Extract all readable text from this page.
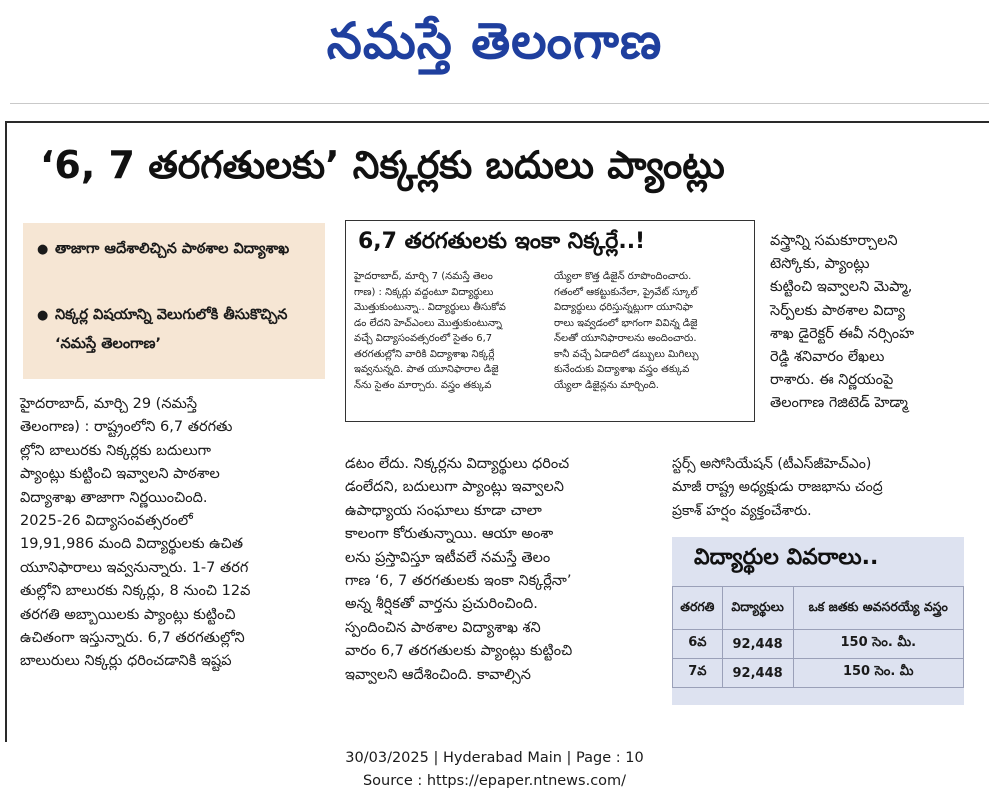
నమస్తే తెలంగాణ
‘6, 7 తరగతులకు’ నిక్కర్లకు బదులు ప్యాంట్లు
● తాజాగా ఆదేశాలిచ్చిన పాఠశాల విద్యాశాఖ
● నిక్కర్ల విషయాన్ని వెలుగులోకి తీసుకొచ్చిన ‘నమస్తే తెలంగాణ’

హైదరాబాద్, మార్చి 29 (నమస్తే

తెలంగాణ) : రాష్ట్రంలోని 6,7 తరగతు

ల్లోని బాలురకు నిక్కర్లకు బదులుగా

ప్యాంట్లు కుట్టించి ఇవ్వాలని పాఠశాల

విద్యాశాఖ తాజాగా నిర్ణయించింది.

2025-26 విద్యాసంవత్సరంలో

19,91,986 మంది విద్యార్థులకు ఉచిత

యూనిఫారాలు ఇవ్వనున్నారు. 1-7 తరగ

తుల్లోని బాలురకు నిక్కర్లు, 8 నుంచి 12వ

తరగతి అబ్బాయిలకు ప్యాంట్లు కుట్టించి

ఉచితంగా ఇస్తున్నారు. 6,7 తరగతుల్లోని

బాలురులు నిక్కర్లు ధరించడానికి ఇష్టప

6,7 తరగతులకు ఇంకా నిక్కర్లే..!
హైదరాబాద్, మార్చి 7 (నమస్తే తెలం
గాణ) : నిక్కర్లు వద్దంటూ విద్యార్థులు
మొత్తుకుంటున్నా.. విద్యార్థులు తీసుకోవ
డం లేదని హెచ్ఎంలు మొత్తుకుంటున్నా
వచ్చే విద్యాసంవత్సరంలో సైతం 6,7
తరగతుల్లోని వారికి విద్యాశాఖ నిక్కర్లే
ఇవ్వనున్నది. పాత యూనిఫారాల డిజై
న్‌ను సైతం మార్చారు. వస్త్రం తక్కువ
య్యేలా కొత్త డిజైన్ రూపొందించారు.
గతంలో ఆకట్టుకునేలా, ప్రైవేట్ స్కూల్
విద్యార్థులు ధరిస్తున్నట్లుగా యూనిఫా
రాలు ఇవ్వడంలో భాగంగా వివిన్న డిజై
న్‌లతో యూనిఫారాలను అందించారు.
కానీ వచ్చే ఏడాదిలో డబ్బులు మిగిల్చు
కునేందుకు విద్యాశాఖ వస్త్రం తక్కువ
య్యేలా డిజైన్లను మార్చింది.

డటం లేదు. నిక్కర్లను విద్యార్థులు ధరించ

డంలేదని, బదులుగా ప్యాంట్లు ఇవ్వాలని

ఉపాధ్యాయ సంఘాలు కూడా చాలా

కాలంగా కోరుతున్నాయి. ఆయా అంశా

లను ప్రస్తావిస్తూ ఇటీవలే నమస్తే తెలం

గాణ ‘6, 7 తరగతులకు ఇంకా నిక్కర్లేనా’

అన్న శీర్షికతో వార్తను ప్రచురించింది.

స్పందించిన పాఠశాల విద్యాశాఖ శని

వారం 6,7 తరగతులకు ప్యాంట్లు కుట్టించి

ఇవ్వాలని ఆదేశించింది. కావాల్సిన

వస్త్రాన్ని సమకూర్చాలని

టెస్కోకు, ప్యాంట్లు

కుట్టించి ఇవ్వాలని మెప్మా,

సెర్ప్‌లకు పాఠశాల విద్యా

శాఖ డైరెక్టర్ ఈవీ నర్సింహ

రెడ్డి శనివారం లేఖలు

రాశారు. ఈ నిర్ణయంపై

తెలంగాణ గెజిటెడ్ హెడ్మా

స్టర్స్ అసోసియేషన్ (టీఎస్‌జీహెచ్ఎం)

మాజీ రాష్ట్ర అధ్యక్షుడు రాజభాను చంద్ర

ప్రకాశ్ హర్షం వ్యక్తంచేశారు.

విద్యార్థుల వివరాలు..
తరగతి	విద్యార్థులు	ఒక జతకు అవసరయ్యే వస్త్రం
6వ	92,448	150 సెం. మీ.
7వ	92,448	150 సెం. మీ
30/03/2025 | Hyderabad Main | Page : 10
Source : https://epaper.ntnews.com/
